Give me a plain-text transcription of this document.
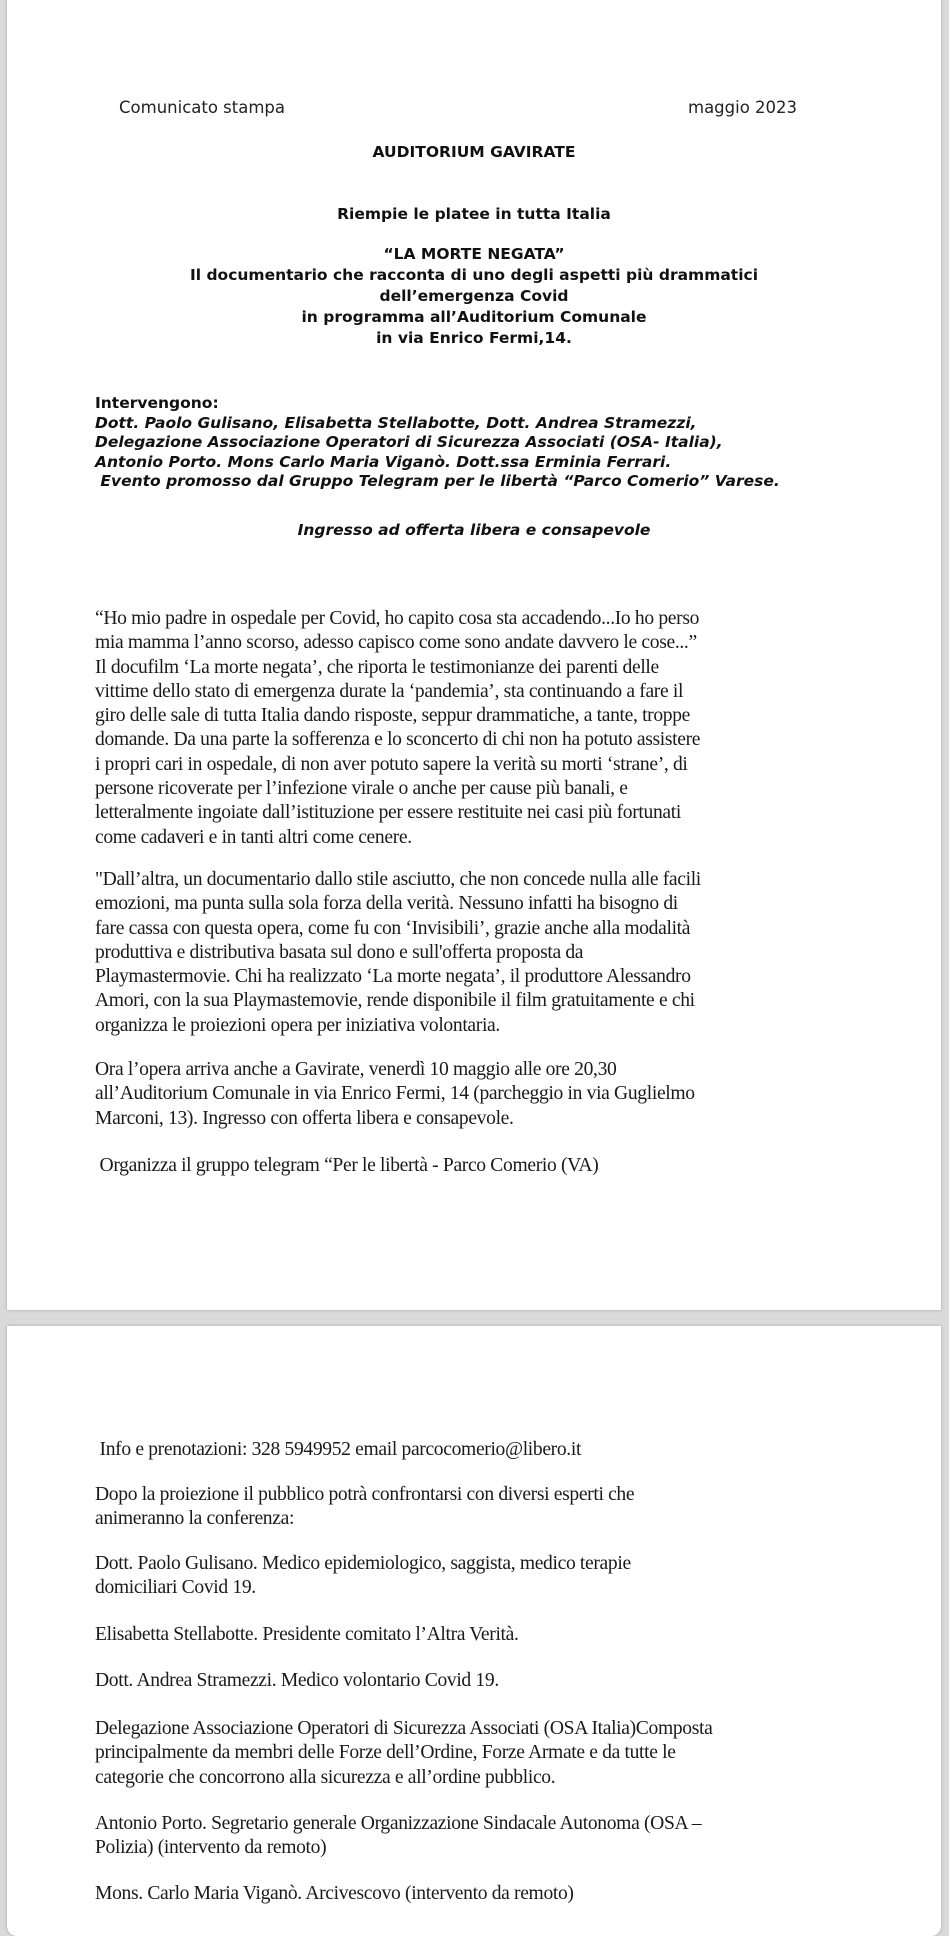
Comunicato stampa	maggio 2023
AUDITORIUM GAVIRATE
Riempie le platee in tutta Italia
“LA MORTE NEGATA”
Il documentario che racconta di uno degli aspetti più drammatici
dell’emergenza Covid
in programma all’Auditorium Comunale
in via Enrico Fermi,14.
Intervengono:
Dott. Paolo Gulisano, Elisabetta Stellabotte, Dott. Andrea Stramezzi,
Delegazione Associazione Operatori di Sicurezza Associati (OSA- Italia),
Antonio Porto. Mons Carlo Maria Viganò. Dott.ssa Erminia Ferrari.
Evento promosso dal Gruppo Telegram per le libertà “Parco Comerio” Varese.
Ingresso ad offerta libera e consapevole

“Ho mio padre in ospedale per Covid, ho capito cosa sta accadendo...Io ho perso

mia mamma l’anno scorso, adesso capisco come sono andate davvero le cose...”

Il docufilm ‘La morte negata’, che riporta le testimonianze dei parenti delle

vittime dello stato di emergenza durate la ‘pandemia’, sta continuando a fare il

giro delle sale di tutta Italia dando risposte, seppur drammatiche, a tante, troppe

domande. Da una parte la sofferenza e lo sconcerto di chi non ha potuto assistere

i propri cari in ospedale, di non aver potuto sapere la verità su morti ‘strane’, di

persone ricoverate per l’infezione virale o anche per cause più banali, e

letteralmente ingoiate dall’istituzione per essere restituite nei casi più fortunati

come cadaveri e in tanti altri come cenere.

"Dall’altra, un documentario dallo stile asciutto, che non concede nulla alle facili

emozioni, ma punta sulla sola forza della verità. Nessuno infatti ha bisogno di

fare cassa con questa opera, come fu con ‘Invisibili’, grazie anche alla modalità

produttiva e distributiva basata sul dono e sull'offerta proposta da

Playmastermovie. Chi ha realizzato ‘La morte negata’, il produttore Alessandro

Amori, con la sua Playmastemovie, rende disponibile il film gratuitamente e chi

organizza le proiezioni opera per iniziativa volontaria.

Ora l’opera arriva anche a Gavirate, venerdì 10 maggio alle ore 20,30

all’Auditorium Comunale in via Enrico Fermi, 14 (parcheggio in via Guglielmo

Marconi, 13). Ingresso con offerta libera e consapevole.

Organizza il gruppo telegram “Per le libertà - Parco Comerio (VA)

Info e prenotazioni: 328 5949952 email parcocomerio@libero.it

Dopo la proiezione il pubblico potrà confrontarsi con diversi esperti che

animeranno la conferenza:

Dott. Paolo Gulisano. Medico epidemiologico, saggista, medico terapie

domiciliari Covid 19.

Elisabetta Stellabotte. Presidente comitato l’Altra Verità.

Dott. Andrea Stramezzi. Medico volontario Covid 19.

Delegazione Associazione Operatori di Sicurezza Associati (OSA Italia)Composta

principalmente da membri delle Forze dell’Ordine, Forze Armate e da tutte le

categorie che concorrono alla sicurezza e all’ordine pubblico.

Antonio Porto. Segretario generale Organizzazione Sindacale Autonoma (OSA –

Polizia) (intervento da remoto)

Mons. Carlo Maria Viganò. Arcivescovo (intervento da remoto)
